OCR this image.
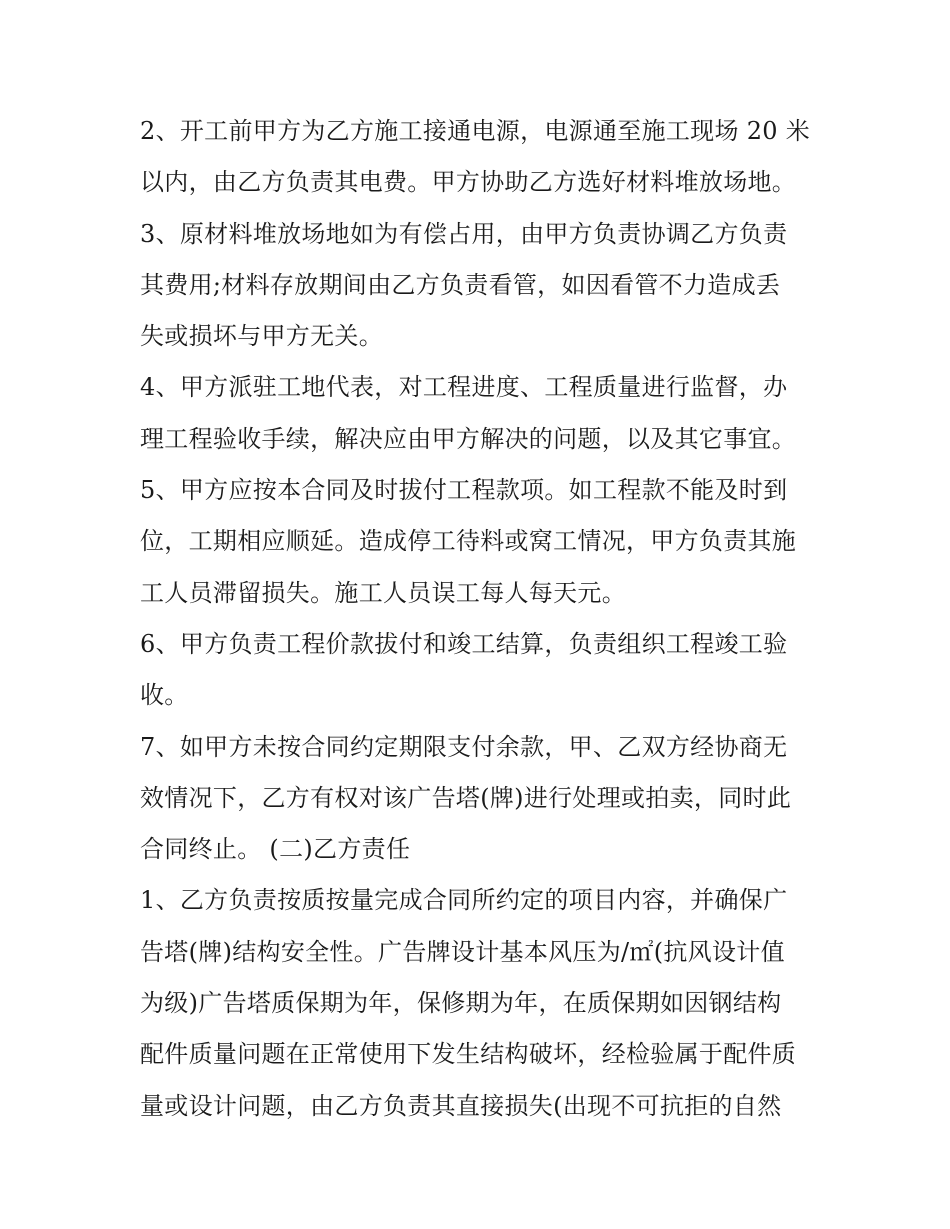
2、开工前甲方为乙方施工接通电源，电源通至施工现场 20 米
以内，由乙方负责其电费。甲方协助乙方选好材料堆放场地。
3、原材料堆放场地如为有偿占用，由甲方负责协调乙方负责
其费用;材料存放期间由乙方负责看管，如因看管不力造成丢
失或损坏与甲方无关。
4、甲方派驻工地代表，对工程进度、工程质量进行监督，办
理工程验收手续，解决应由甲方解决的问题，以及其它事宜。
5、甲方应按本合同及时拔付工程款项。如工程款不能及时到
位，工期相应顺延。造成停工待料或窝工情况，甲方负责其施
工人员滞留损失。施工人员误工每人每天元。
6、甲方负责工程价款拔付和竣工结算，负责组织工程竣工验
收。
7、如甲方未按合同约定期限支付余款，甲、乙双方经协商无
效情况下，乙方有权对该广告塔(牌)进行处理或拍卖，同时此
合同终止。 (二)乙方责任
1、乙方负责按质按量完成合同所约定的项目内容，并确保广
告塔(牌)结构安全性。广告牌设计基本风压为/㎡(抗风设计值
为级)广告塔质保期为年，保修期为年，在质保期如因钢结构
配件质量问题在正常使用下发生结构破坏，经检验属于配件质
量或设计问题，由乙方负责其直接损失(出现不可抗拒的自然
